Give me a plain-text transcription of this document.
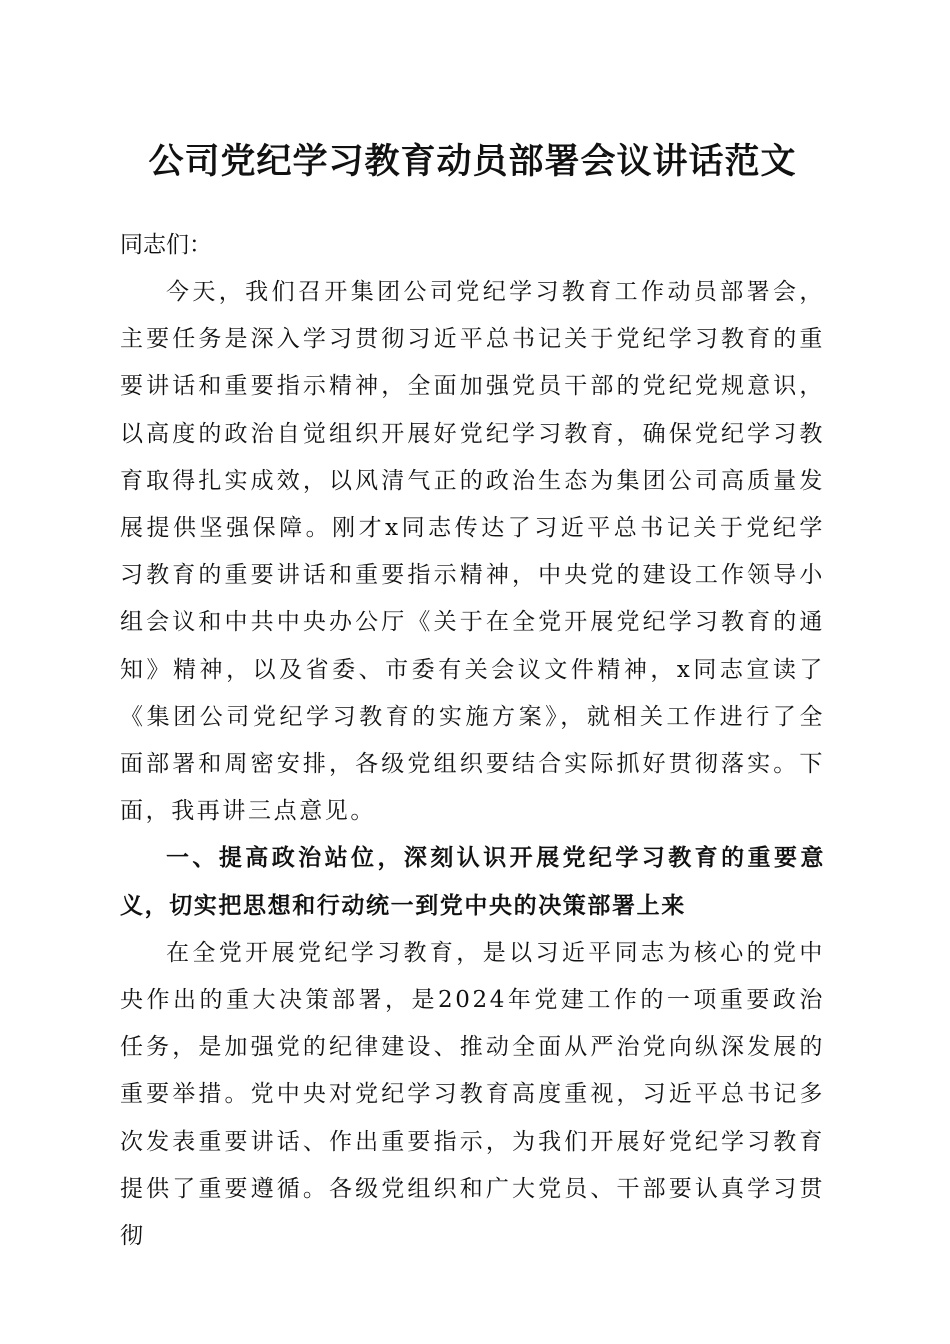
公司党纪学习教育动员部署会议讲话范文

同志们：

今天，我们召开集团公司党纪学习教育工作动员部署会，主要任务是深入学习贯彻习近平总书记关于党纪学习教育的重要讲话和重要指示精神，全面加强党员干部的党纪党规意识，以高度的政治自觉组织开展好党纪学习教育，确保党纪学习教育取得扎实成效，以风清气正的政治生态为集团公司高质量发展提供坚强保障。刚才x同志传达了习近平总书记关于党纪学习教育的重要讲话和重要指示精神，中央党的建设工作领导小组会议和中共中央办公厅《关于在全党开展党纪学习教育的通知》精神，以及省委、市委有关会议文件精神，x同志宣读了《集团公司党纪学习教育的实施方案》，就相关工作进行了全面部署和周密安排，各级党组织要结合实际抓好贯彻落实。下面，我再讲三点意见。

一、提高政治站位，深刻认识开展党纪学习教育的重要意义，切实把思想和行动统一到党中央的决策部署上来

在全党开展党纪学习教育，是以习近平同志为核心的党中央作出的重大决策部署，是2024年党建工作的一项重要政治任务，是加强党的纪律建设、推动全面从严治党向纵深发展的重要举措。党中央对党纪学习教育高度重视，习近平总书记多次发表重要讲话、作出重要指示，为我们开展好党纪学习教育提供了重要遵循。各级党组织和广大党员、干部要认真学习贯彻
